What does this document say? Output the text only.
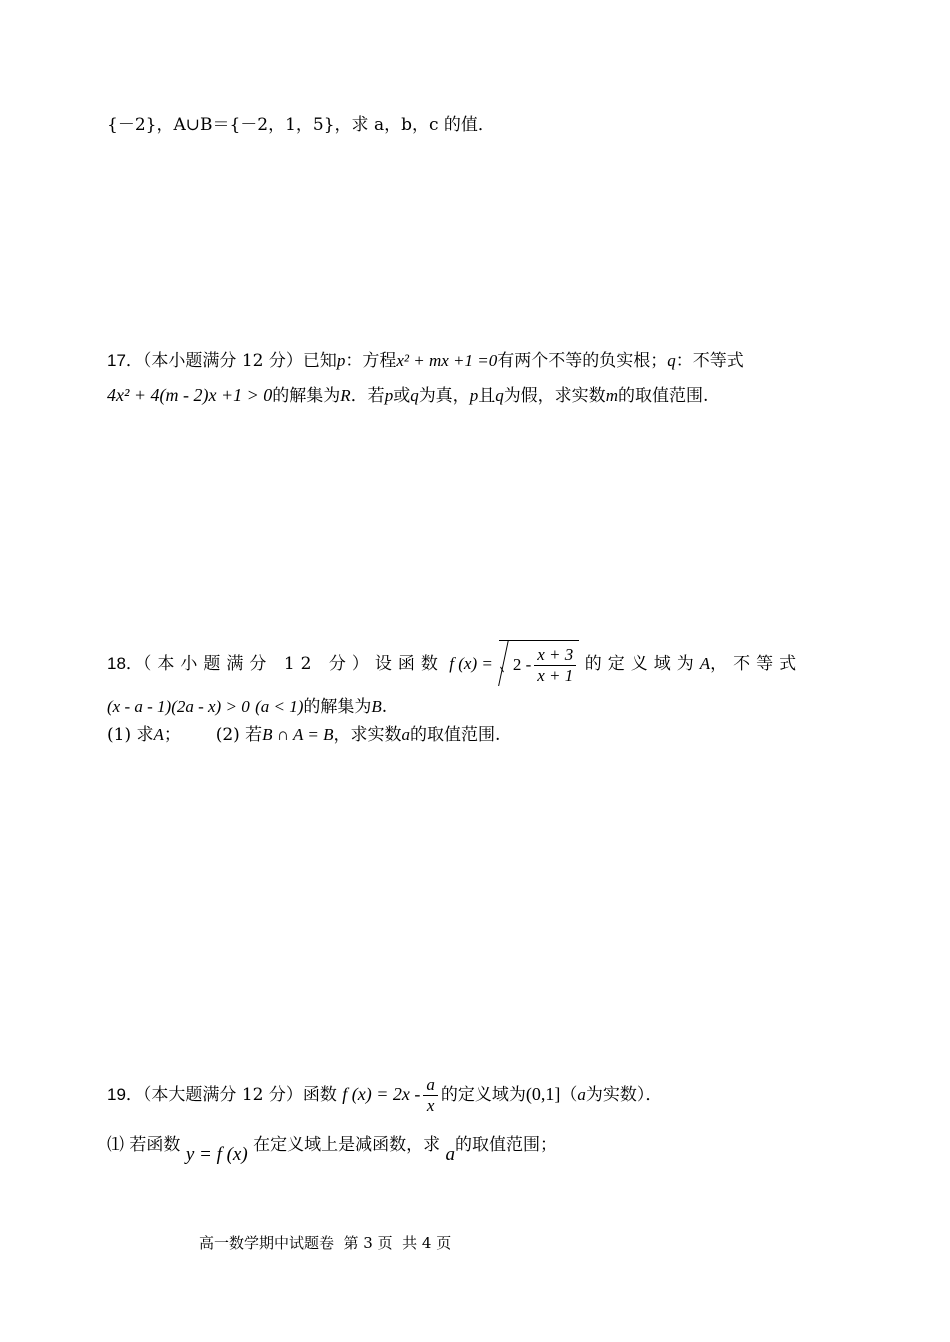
{－2}，A∪B＝{－2，1，5}，求 a，b，c 的值．
17．（本小题满分 12 分）已知p：方程x² + mx +1 =0有两个不等的负实根；q：不等式
4x² + 4(m - 2)x +1 > 0的解集为R．若p或q为真，p且q为假，求实数m的取值范围.
18．（本小题满分 12 分）设函数 f $(x) = 2 - \frac{x + 3}{x + 1}$ 的定义域为A，不等式
(x - a - 1)(2a - x) > 0 (a < 1)的解集为B.
(1) 求A； (2) 若B ∩ A = B，求实数a的取值范围.
19．（本大题满分 12 分）函数 f $(x) = 2x - \frac{a}{x}$ 的定义域为(0,1]（a为实数）．
⑴ 若函数 y = f (x) 在定义域上是减函数，求 a的取值范围；
高一数学期中试题卷  第 3 页  共 4 页
